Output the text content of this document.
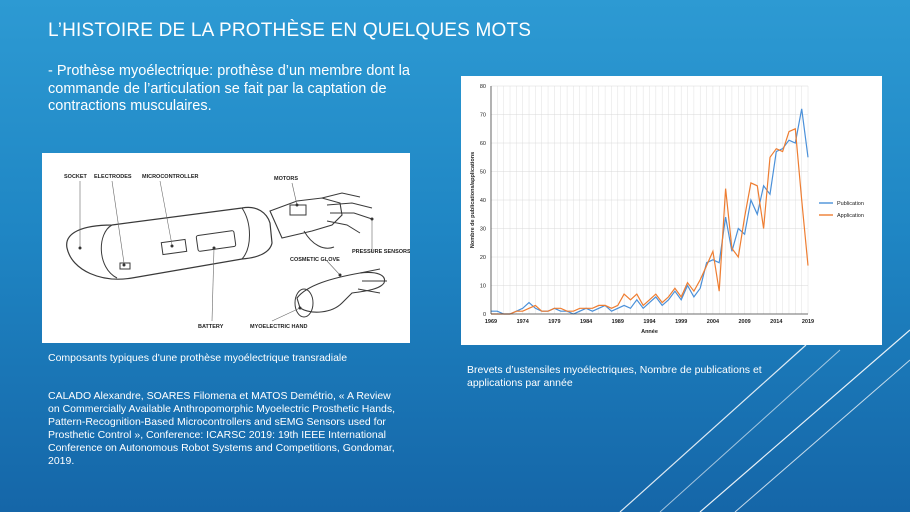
L’HISTOIRE DE LA PROTHÈSE EN QUELQUES MOTS
- Prothèse myoélectrique: prothèse d’un membre dont la commande de l’articulation se fait par la captation de contractions musculaires.
SOCKET ELECTRODES MICROCONTROLLER	MOTORS
PRESSURE SENSORS
COSMETIC GLOVE
BATTERY	MYOELECTRIC HAND
0
10
20
30
40
50
60
70
80
1969	1974	1979	1984	1989	1994	1999	2004	2009	2014	2019
Année
Nombre de publications/applications	Publication
Application
Composants typiques d'une prothèse myoélectrique transradiale
CALADO Alexandre, SOARES Filomena et MATOS Demétrio, « A Review on Commercially Available Anthropomorphic Myoelectric Prosthetic Hands, Pattern-Recognition-Based Microcontrollers and sEMG Sensors used for Prosthetic Control », Conference: ICARSC 2019: 19th IEEE International Conference on Autonomous Robot Systems and Competitions, Gondomar, 2019.
Brevets d’ustensiles myoélectriques, Nombre de publications et applications par année
